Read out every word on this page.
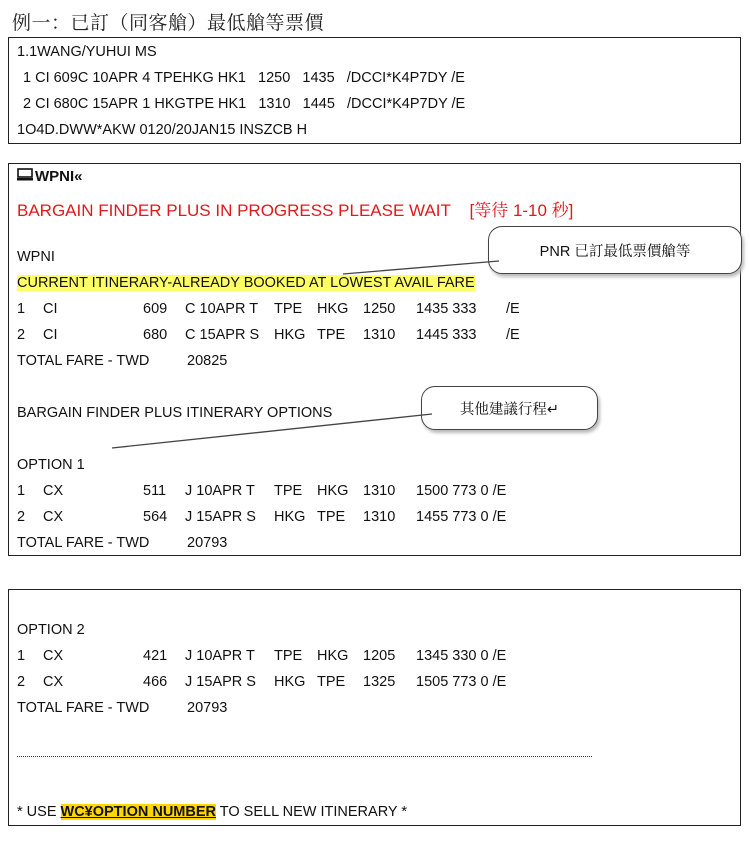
例一：已訂（同客艙）最低艙等票價
1.1WANG/YUHUI MS
1 CI 609C 10APR 4 TPEHKG HK1   1250   1435   /DCCI*K4P7DY /E
2 CI 680C 15APR 1 HKGTPE HK1   1310   1445   /DCCI*K4P7DY /E
1O4D.DWW*AKW 0120/20JAN15 INSZCB H
WPNI«
BARGAIN FINDER PLUS IN PROGRESS PLEASE WAIT    [等待 1-10 秒]
WPNI
CURRENT ITINERARY-ALREADY BOOKED AT LOWEST AVAIL FARE
1 CI	609 C 10APR T TPE HKG 1250 1435 333 /E
2 CI	680 C 15APR S HKG TPE 1310 1445 333 /E
TOTAL FARE - TWD	20825
BARGAIN FINDER PLUS ITINERARY OPTIONS
OPTION 1
1 CX	511 J 10APR T TPE HKG 1310 1500 773 0 /E
2 CX	564 J 15APR S HKG TPE 1310 1455 773 0 /E
TOTAL FARE - TWD	20793
PNR 已訂最低票價艙等
其他建議行程↵
OPTION 2
1 CX	421 J 10APR T TPE HKG 1205 1345 330 0 /E
2 CX	466 J 15APR S HKG TPE 1325 1505 773 0 /E
TOTAL FARE - TWD	20793
* USE WC¥OPTION NUMBER TO SELL NEW ITINERARY *
